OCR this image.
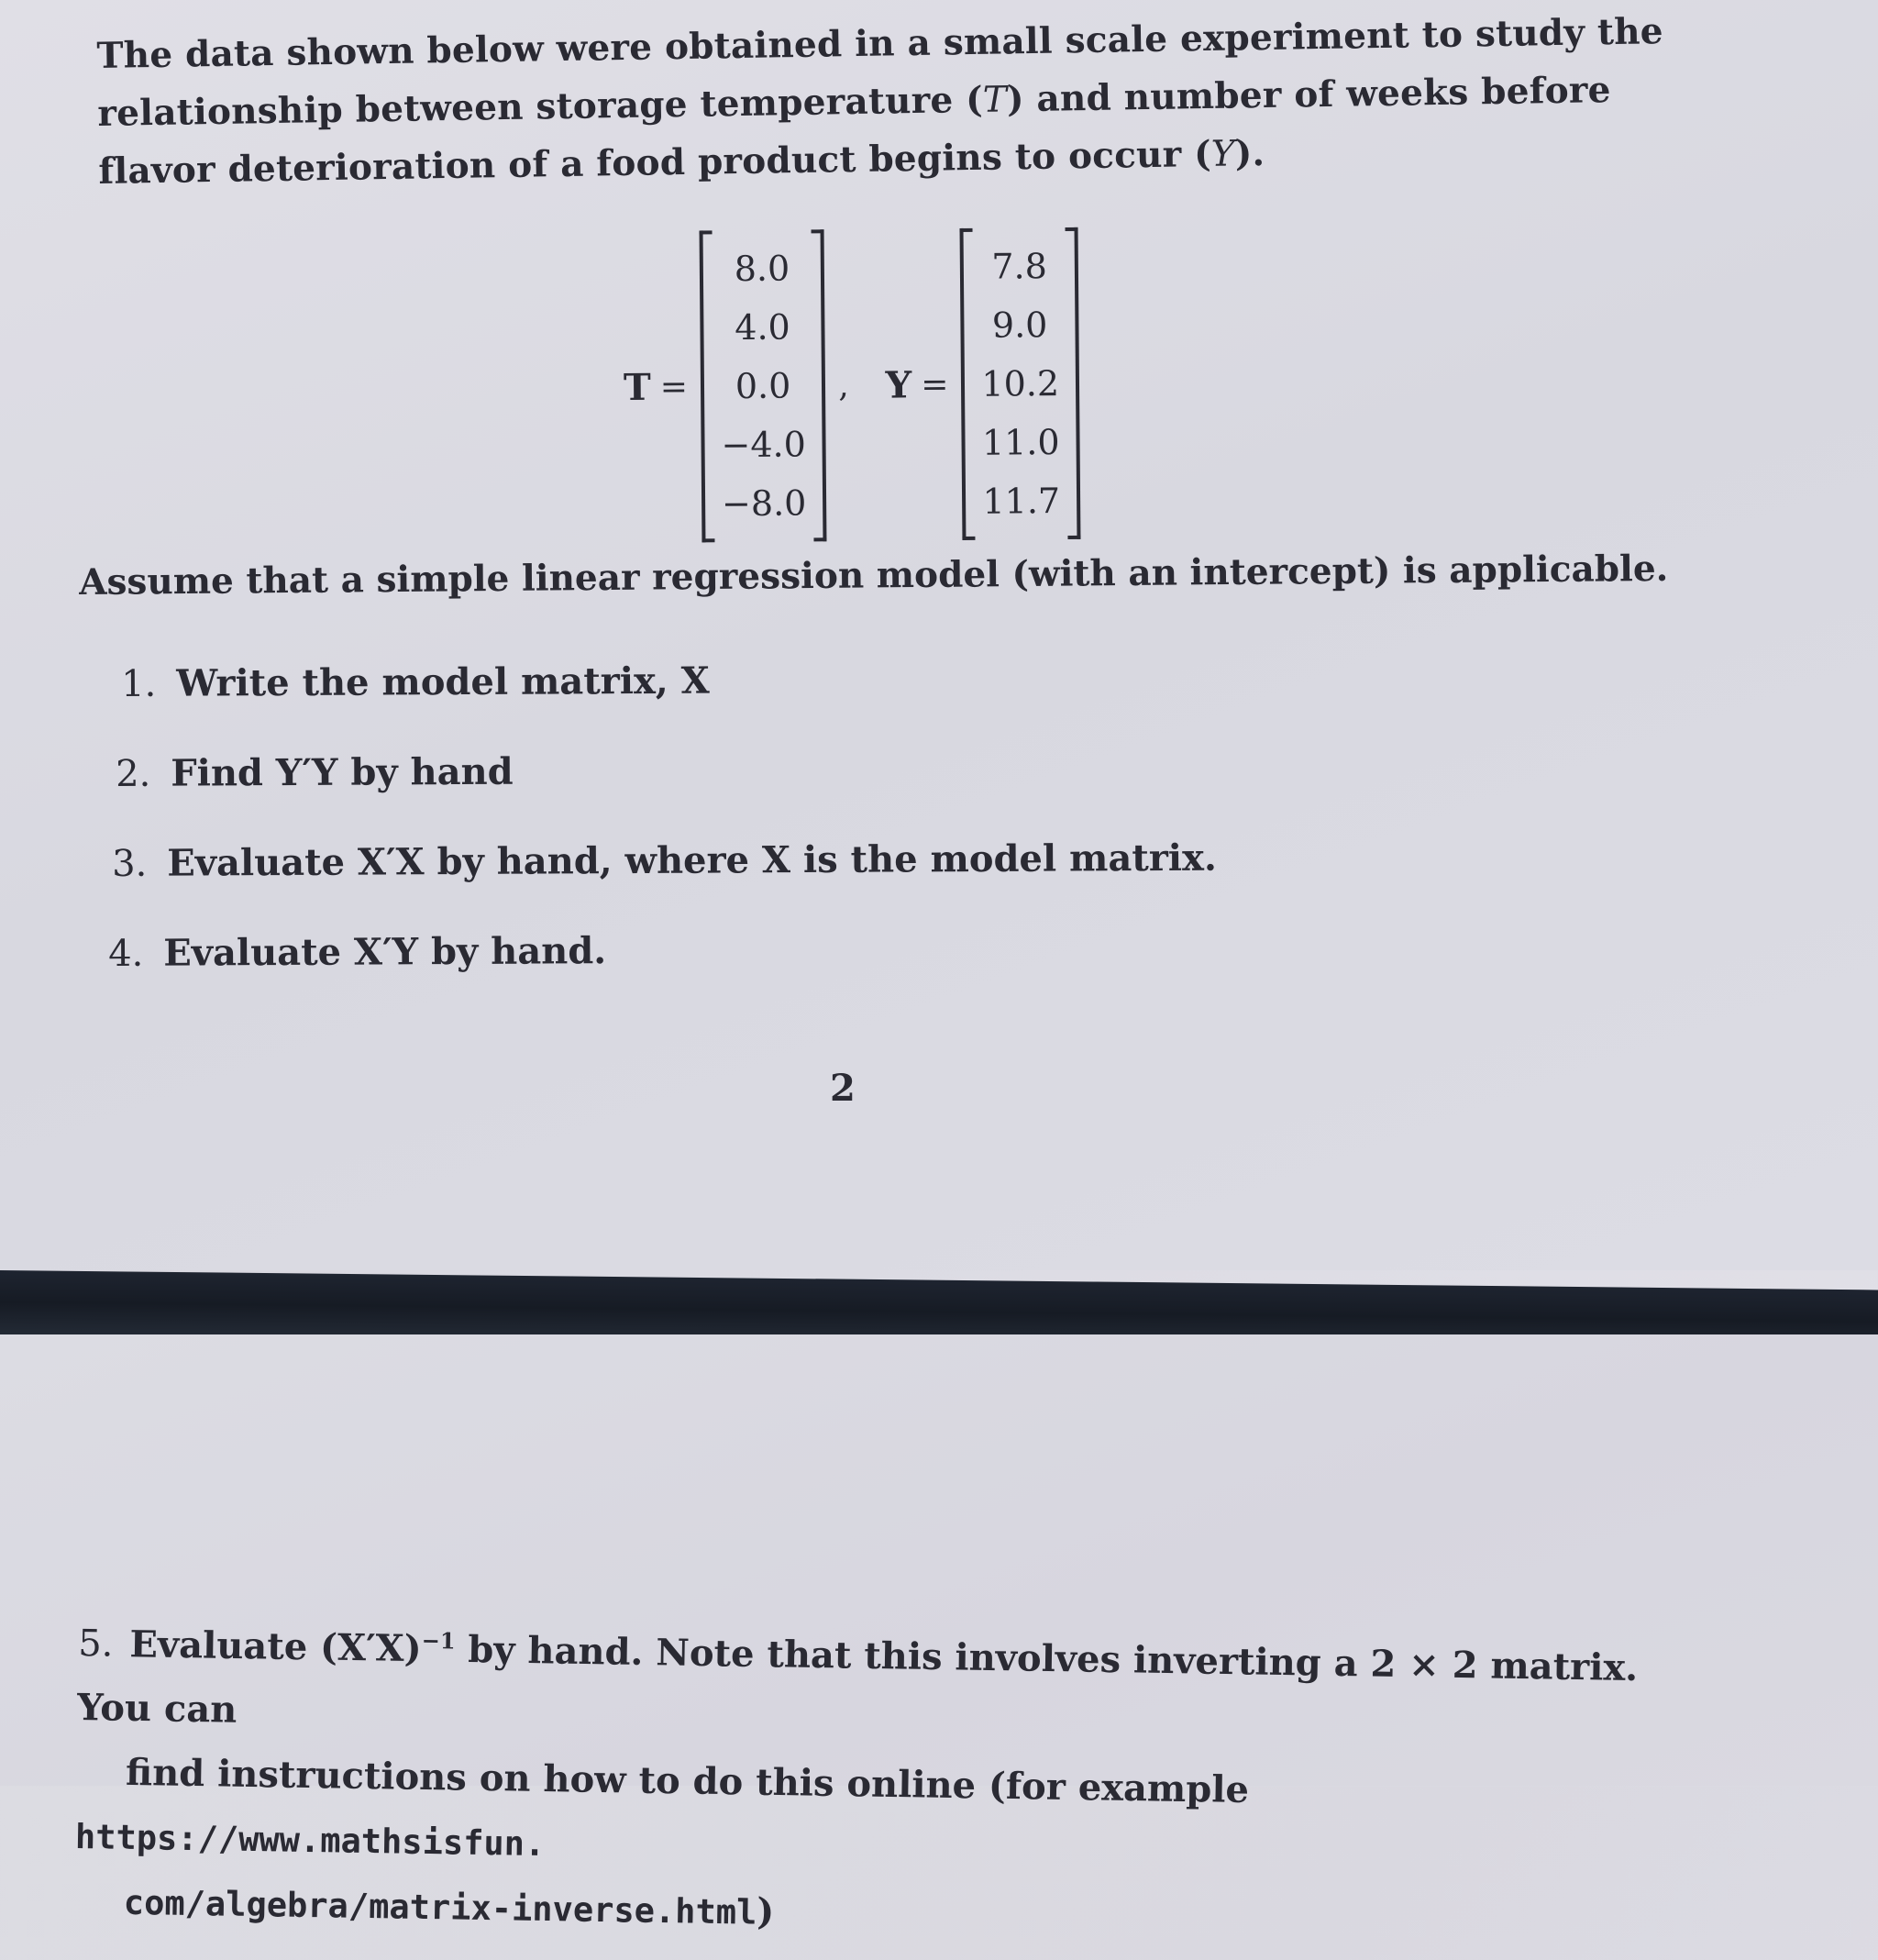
The data shown below were obtained in a small scale experiment to study the relationship between storage temperature (T) and number of weeks before flavor deterioration of a food product begins to occur (Y).
T =
8.0
4.0
0.0
−4.0
−8.0
, Y =
7.8
9.0
10.2
11.0
11.7
Assume that a simple linear regression model (with an intercept) is applicable.
1. Write the model matrix, X
2. Find Y′Y by hand
3. Evaluate X′X by hand, where X is the model matrix.
4. Evaluate X′Y by hand.
2
5. Evaluate $(X'X)^{-1}$ by hand. Note that this involves inverting a 2 × 2 matrix. You can
find instructions on how to do this online (for examplehttps://www.mathsisfun.
com/algebra/matrix-inverse.html)
